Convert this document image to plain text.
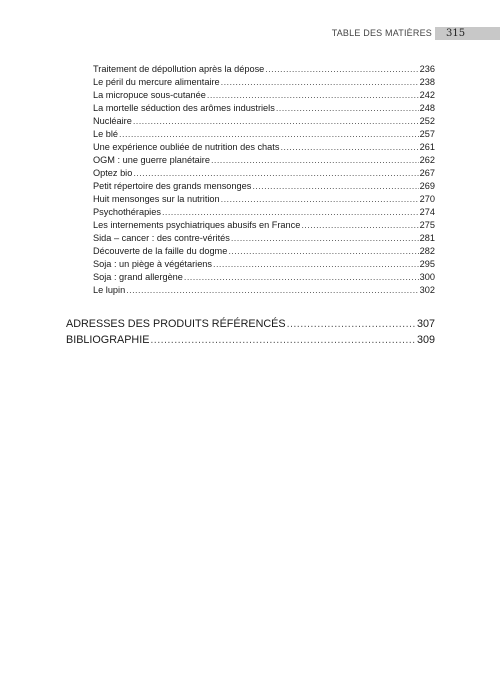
TABLE DES MATIÈRES 315
Traitement de dépollution après la dépose .....	236
Le péril du mercure alimentaire .....	238
La micropuce sous-cutanée .....	242
La mortelle séduction des arômes industriels .....	248
Nucléaire .....	252
Le blé .....	257
Une expérience oubliée de nutrition des chats .....	261
OGM : une guerre planétaire .....	262
Optez bio .....	267
Petit répertoire des grands mensonges .....	269
Huit mensonges sur la nutrition .....	270
Psychothérapies .....	274
Les internements psychiatriques abusifs en France .....	275
Sida – cancer : des contre-vérités .....	281
Découverte de la faille du dogme .....	282
Soja : un piège à végétariens .....	295
Soja : grand allergène .....	300
Le lupin .....	302
ADRESSES DES PRODUITS RÉFÉRENCÉS .....	307
BIBLIOGRAPHIE .....	309
